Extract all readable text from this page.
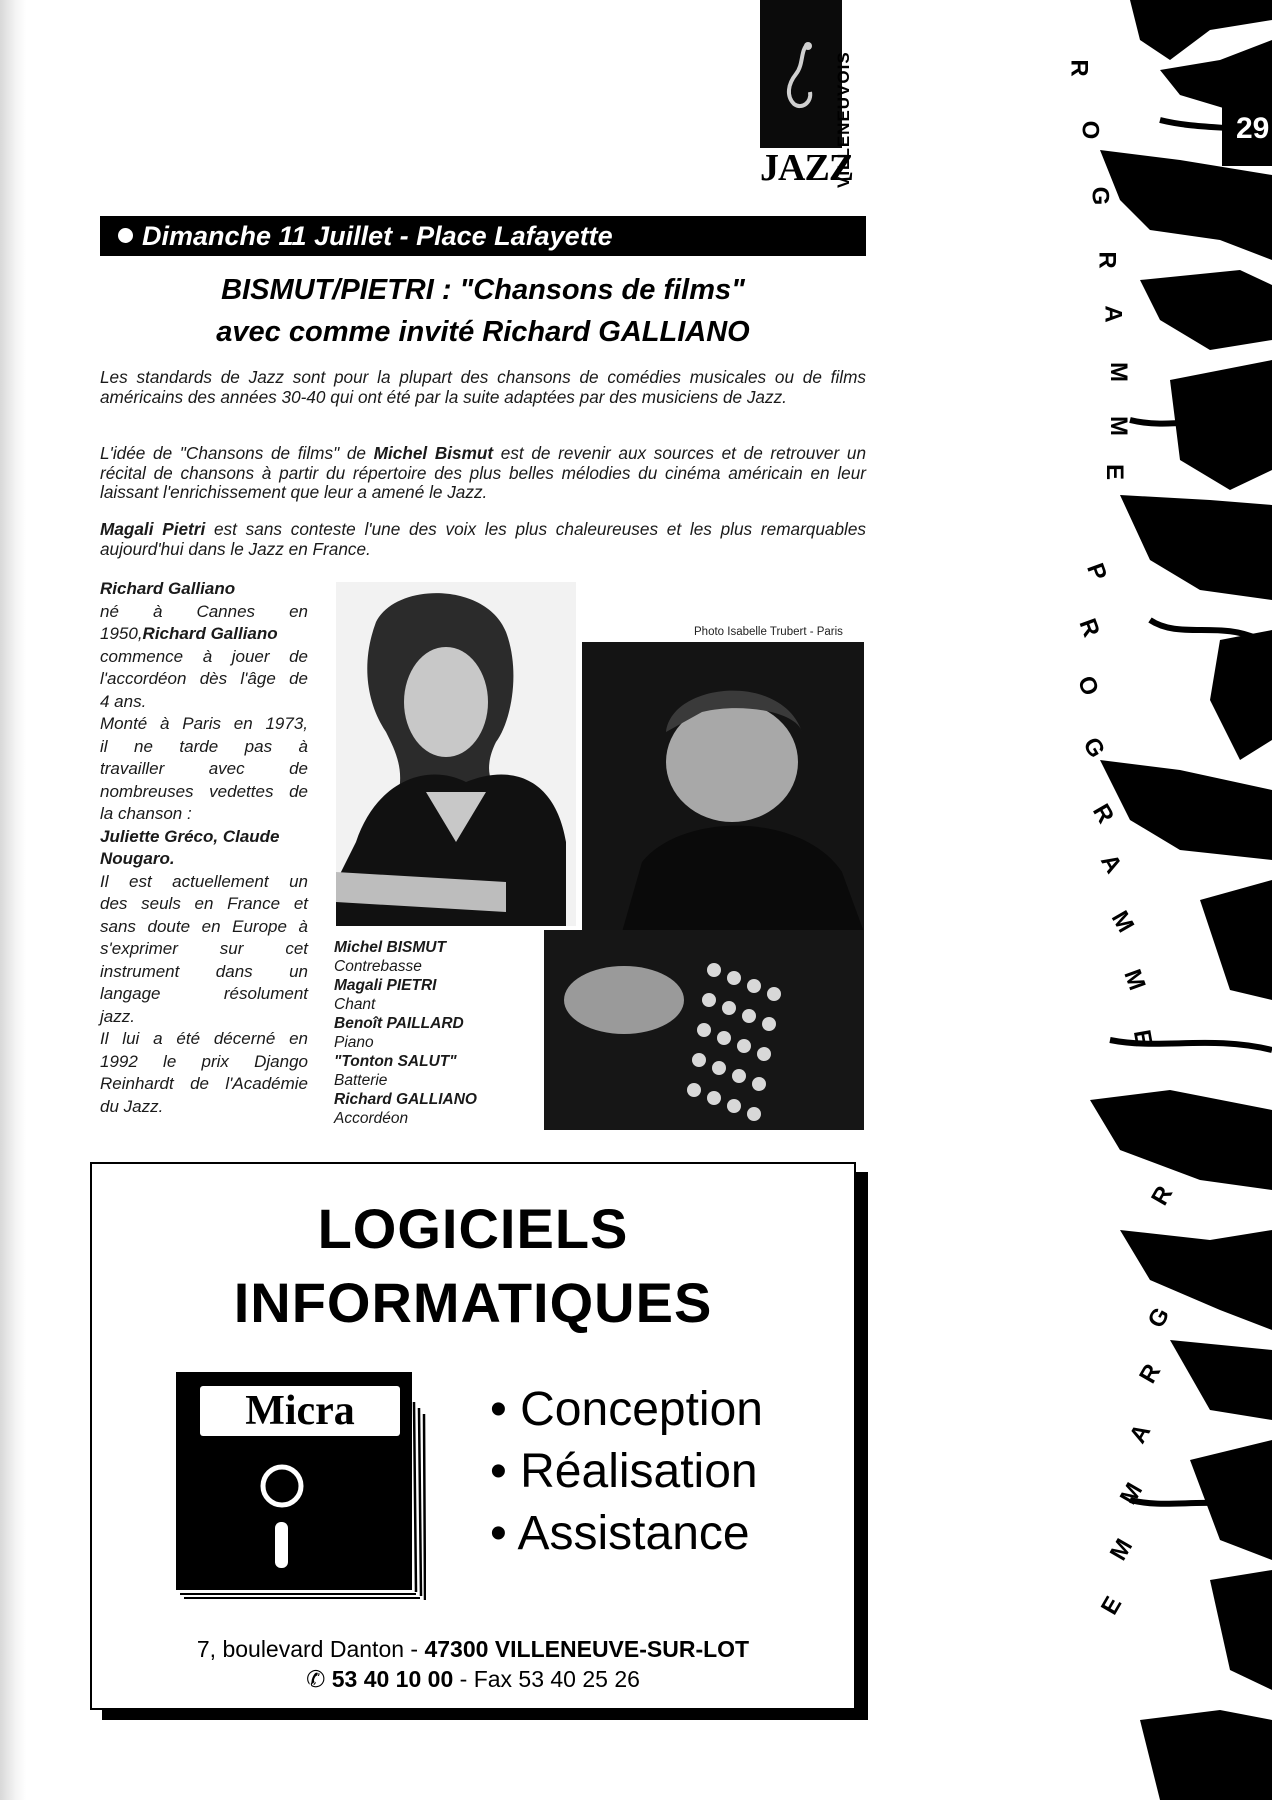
JAZZ
VILLENEUVOIS	29
R
O
G
R
A
M
M
E
P
R
O
G
R
A
M
M
E
P
R
O
G
R
A
M
M
E
Dimanche 11 Juillet - Place Lafayette
BISMUT/PIETRI : "Chansons de films"
avec comme invité Richard GALLIANO
Les standards de Jazz sont pour la plupart des chansons de comédies musicales ou de films américains des années 30-40 qui ont été par la suite adaptées par des musiciens de Jazz.
L'idée de "Chansons de films" de Michel Bismut est de revenir aux sources et de retrouver un récital de chansons à partir du répertoire des plus belles mélodies du cinéma américain en leur laissant l'enrichissement que leur a amené le Jazz.
Magali Pietri est sans conteste l'une des voix les plus chaleureuses et les plus remarquables aujourd'hui dans le Jazz en France.
Richard Galliano
né à Cannes en
1950,Richard Galliano
commence à jouer de
l'accordéon dès l'âge de
4 ans.
Monté à Paris en 1973,
il ne tarde pas à
travailler avec de
nombreuses vedettes de
la chanson :
Juliette Gréco, Claude
Nougaro.
Il est actuellement un
des seuls en France et
sans doute en Europe à
s'exprimer sur cet
instrument dans un
langage résolument
jazz.
Il lui a été décerné en
1992 le prix Django
Reinhardt de l'Académie
du Jazz.
Photo Isabelle Trubert - Paris
Michel BISMUT
Contrebasse
Magali PIETRI
Chant
Benoît PAILLARD
Piano
"Tonton SALUT"
Batterie
Richard GALLIANO
Accordéon
LOGICIELS
INFORMATIQUES
Micra	• Conception
• Réalisation
• Assistance
7, boulevard Danton - 47300 VILLENEUVE-SUR-LOT
✆ 53 40 10 00 - Fax 53 40 25 26
